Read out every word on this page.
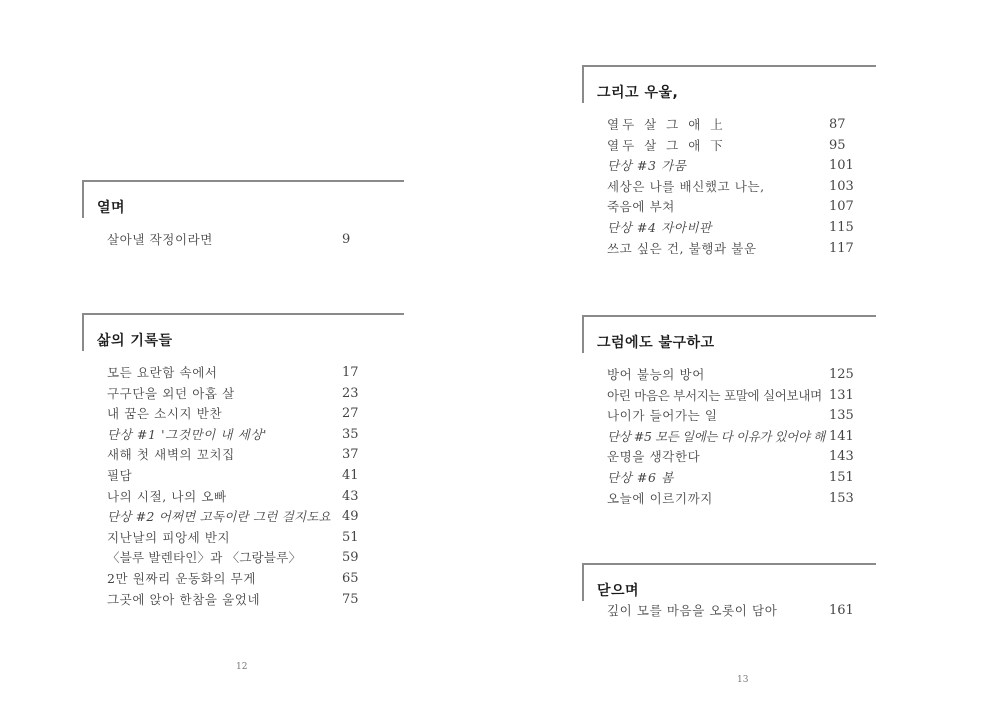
열며
살아낼 작정이라면	9
삶의 기록들
모든 요란함 속에서	17
구구단을 외던 아홉 살	23
내 꿈은 소시지 반찬	27
단상 #1 '그것만이 내 세상'	35
새해 첫 새벽의 꼬치집	37
필담	41
나의 시절, 나의 오빠	43
단상 #2 어쩌면 고독이란 그런 걸지도요 49
지난날의 피앙세 반지	51
〈블루 발렌타인〉과 〈그랑블루〉	59
2만 원짜리 운동화의 무게	65
그곳에 앉아 한참을 울었네	75
12
그리고 우울,
열두 살 그 애 上	87
열두 살 그 애 下	95
단상 #3 가뭄	101
세상은 나를 배신했고 나는,	103
죽음에 부쳐	107
단상 #4 자아비판	115
쓰고 싶은 건, 불행과 불운	117
그럼에도 불구하고
방어 불능의 방어	125
아린 마음은 부서지는 포말에 실어보내며 131
나이가 들어가는 일	135
단상 #5 모든 일에는 다 이유가 있어야 해 141
운명을 생각한다	143
단상 #6 봄	151
오늘에 이르기까지	153
닫으며
깊이 모를 마음을 오롯이 담아	161
13
